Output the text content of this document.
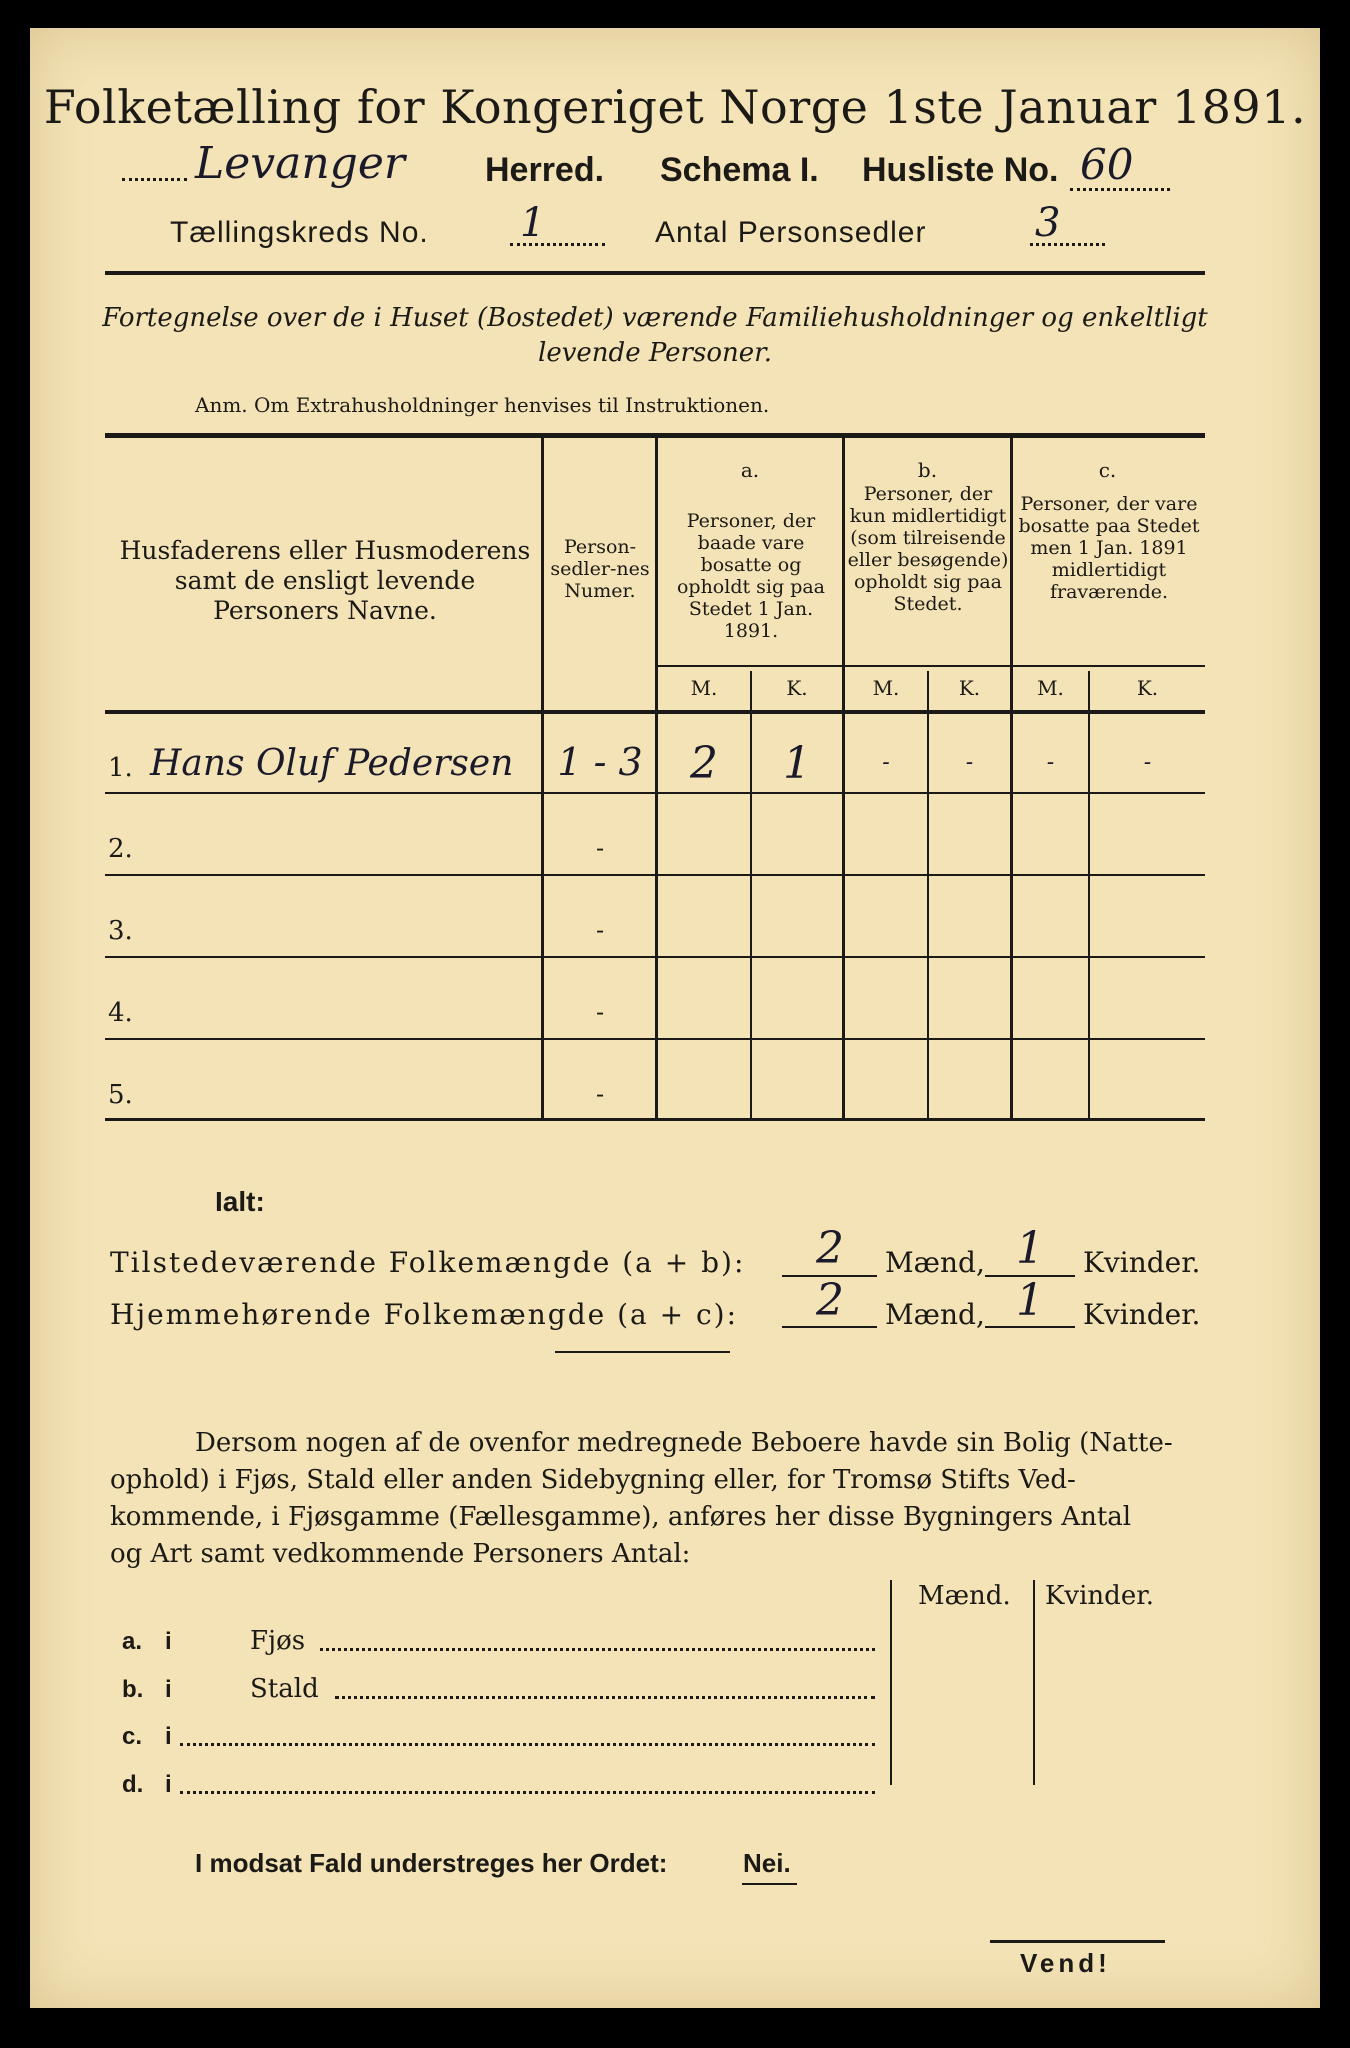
Folketælling for Kongeriget Norge 1ste Januar 1891.
Levanger Herred. Schema I. Husliste No. 60
Tællingskreds No. 1	Antal Personsedler	3
Fortegnelse over de i Huset (Bostedet) værende Familiehusholdninger og enkeltligt
levende Personer.
Anm. Om Extrahusholdninger henvises til Instruktionen.
Husfaderens eller Husmoderens samt de ensligt levende Personers Navne.
Person-sedler-nes Numer.
a.
Personer, der baade vare bosatte og opholdt sig paa Stedet 1 Jan. 1891.
b.
Personer, der kun midlertidigt (som tilreisende eller besøgende) opholdt sig paa Stedet.
c.
Personer, der vare bosatte paa Stedet men 1 Jan. 1891 midlertidigt fraværende.
M.	K.	M.	K.	M.	K.
1. Hans Oluf Pedersen	1 - 3	2	1	-	-	-	-
2.	-
3.	-
4.	-
5.	-
Ialt:
Tilstedeværende Folkemængde (a + b):	2	Mænd, 1	Kvinder.
Hjemmehørende Folkemængde (a + c):	2	Mænd, 1	Kvinder.
Dersom nogen af de ovenfor medregnede Beboere havde sin Bolig (Natte-
ophold) i Fjøs, Stald eller anden Sidebygning eller, for Tromsø Stifts Ved-
kommende, i Fjøsgamme (Fællesgamme), anføres her disse Bygningers Antal
og Art samt vedkommende Personers Antal:
Mænd. Kvinder.
a. i	Fjøs
b. i	Stald
c. i
d. i
I modsat Fald understreges her Ordet:	Nei.
Vend!
